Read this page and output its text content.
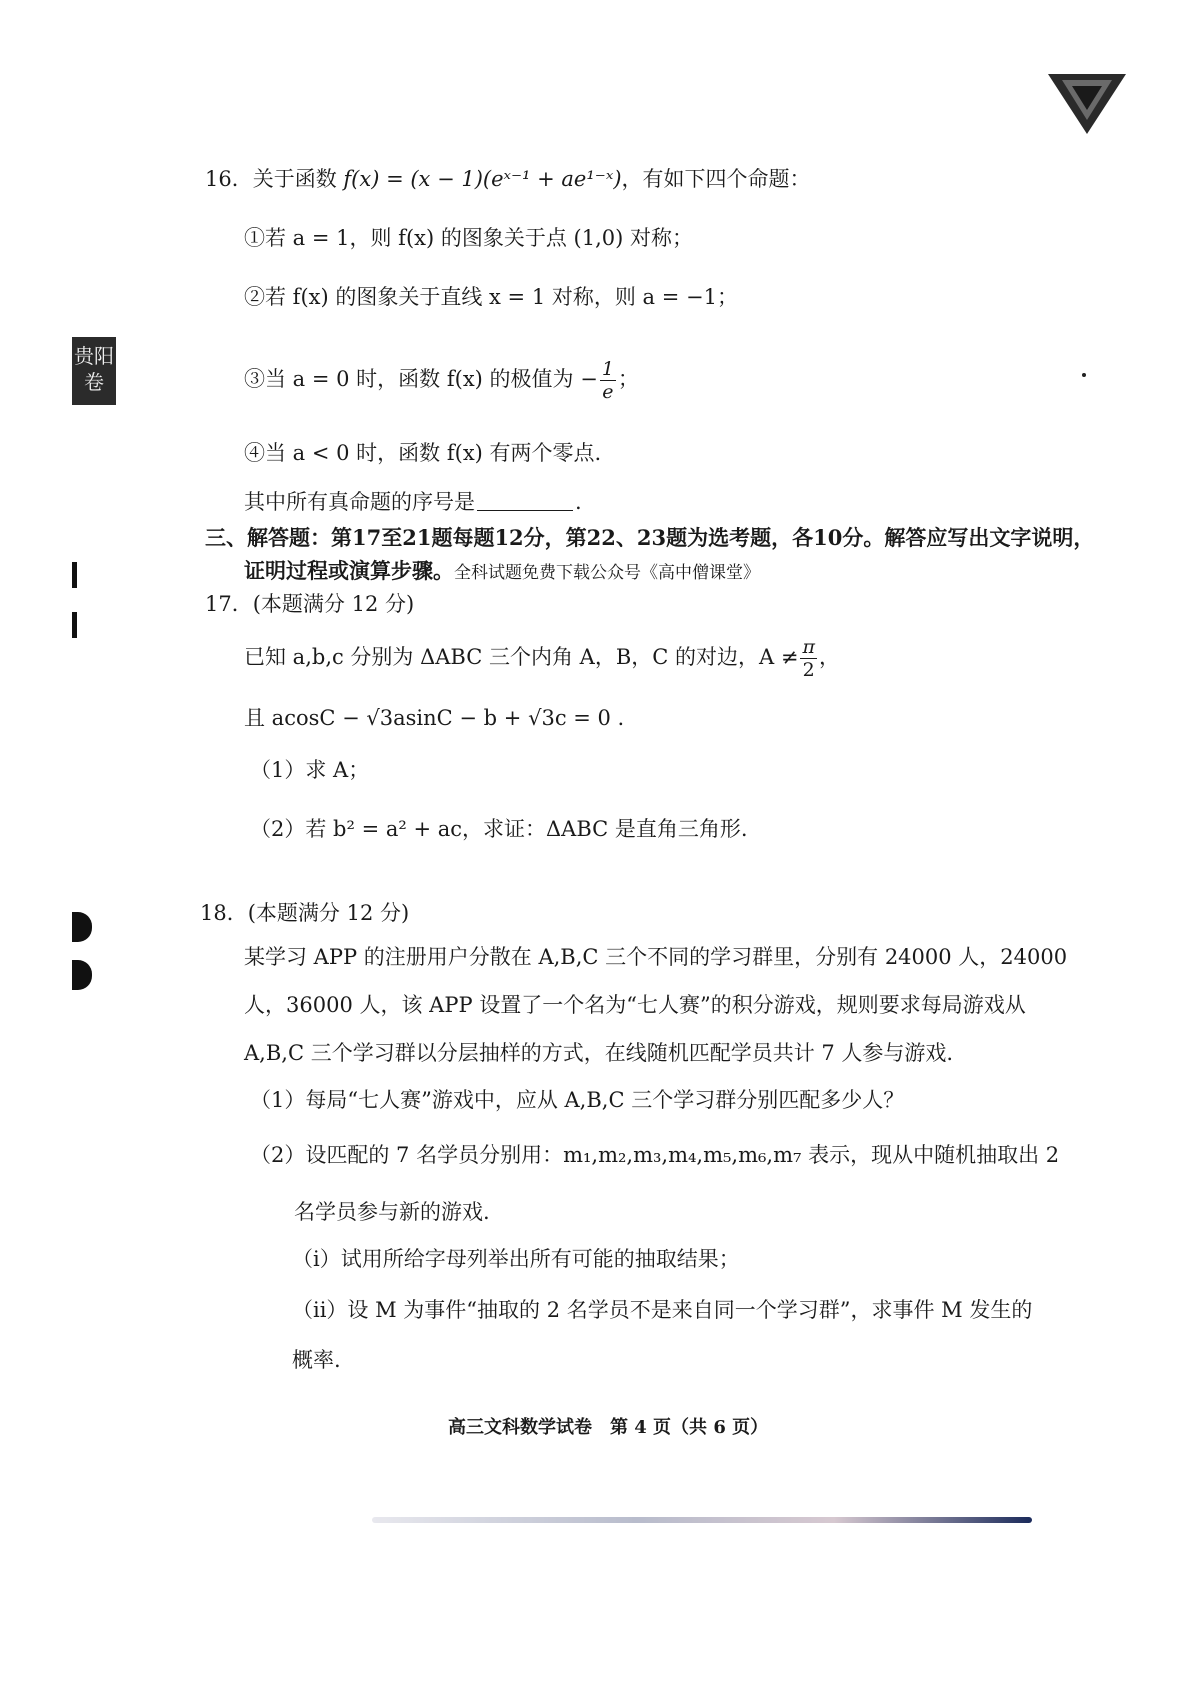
贵阳
卷
16．关于函数 f(x) = (x − 1)(eˣ⁻¹ + ae¹⁻ˣ)，有如下四个命题：
①若 a = 1，则 f(x) 的图象关于点 (1,0) 对称；
②若 f(x) 的图象关于直线 x = 1 对称，则 a = −1；
③当 a = 0 时，函数 f(x) 的极值为 − $\frac{1}{e}$ ；
④当 a < 0 时，函数 f(x) 有两个零点.
其中所有真命题的序号是	.
三、解答题：第17至21题每题12分，第22、23题为选考题，各10分。解答应写出文字说明，
证明过程或演算步骤。全科试题免费下载公众号《高中僧课堂》
17．(本题满分 12 分)
已知 a,b,c 分别为 ΔABC 三个内角 A，B，C 的对边，$A \ne \frac{\pi}{2}$ ，
且 acosC − √3asinC − b + √3c = 0 .
（1）求 A；
（2）若 b² = a² + ac，求证：ΔABC 是直角三角形.
18．(本题满分 12 分)
某学习 APP 的注册用户分散在 A,B,C 三个不同的学习群里，分别有 24000 人，24000
人，36000 人，该 APP 设置了一个名为“七人赛”的积分游戏，规则要求每局游戏从
A,B,C 三个学习群以分层抽样的方式，在线随机匹配学员共计 7 人参与游戏.
（1）每局“七人赛”游戏中，应从 A,B,C 三个学习群分别匹配多少人？
（2）设匹配的 7 名学员分别用：m₁,m₂,m₃,m₄,m₅,m₆,m₇ 表示，现从中随机抽取出 2
名学员参与新的游戏.
（i）试用所给字母列举出所有可能的抽取结果；
（ii）设 M 为事件“抽取的 2 名学员不是来自同一个学习群”，求事件 M 发生的
概率.
高三文科数学试卷　第 4 页（共 6 页）
